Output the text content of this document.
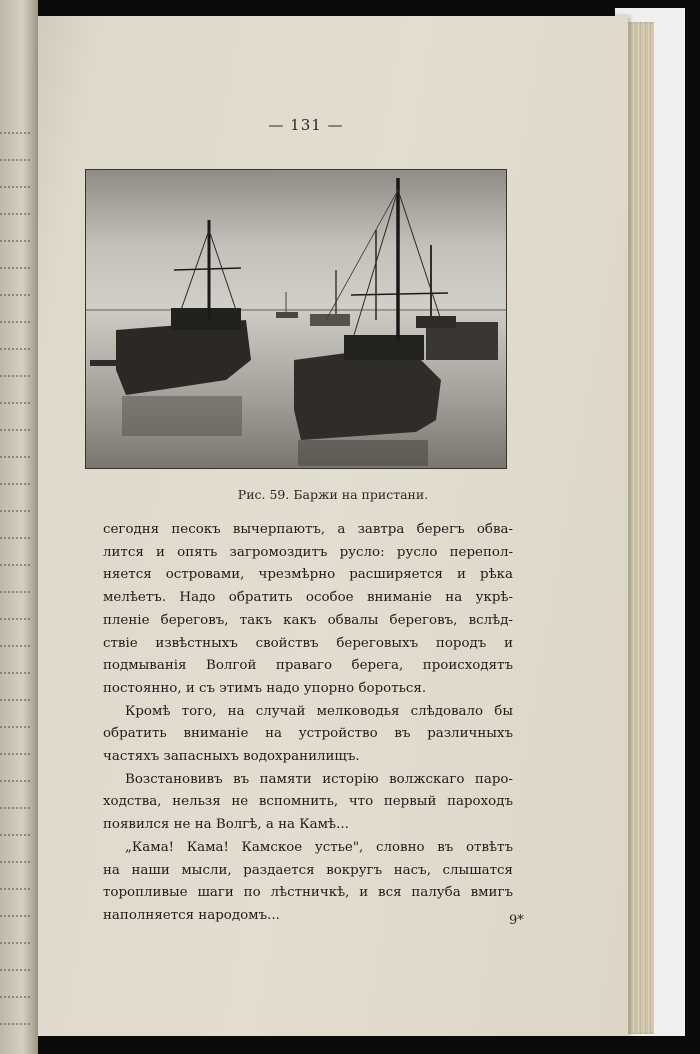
— 131 —
Рис. 59. Баржи на пристани.
сегодня песокъ вычерпаютъ, а завтра берегъ обва-
лится и опять загромоздитъ русло: русло перепол-
няется островами, чрезмѣрно расширяется и рѣка
мелѣетъ. Надо обратить особое вниманіе на укрѣ-
пленіе береговъ, такъ какъ обвалы береговъ, вслѣд-
ствіе извѣстныхъ свойствъ береговыхъ породъ и
подмыванія Волгой праваго берега, происходятъ
постоянно, и съ этимъ надо упорно бороться.
Кромѣ того, на случай мелководья слѣдовало бы
обратить вниманіе на устройство въ различныхъ
частяхъ запасныхъ водохранилищъ.
Возстановивъ въ памяти исторію волжскаго паро-
ходства, нельзя не вспомнить, что первый пароходъ
появился не на Волгѣ, а на Камѣ...
„Кама! Кама! Камское устье", словно въ отвѣтъ
на наши мысли, раздается вокругъ насъ, слышатся
торопливые шаги по лѣстничкѣ, и вся палуба вмигъ
наполняется народомъ...	9*
